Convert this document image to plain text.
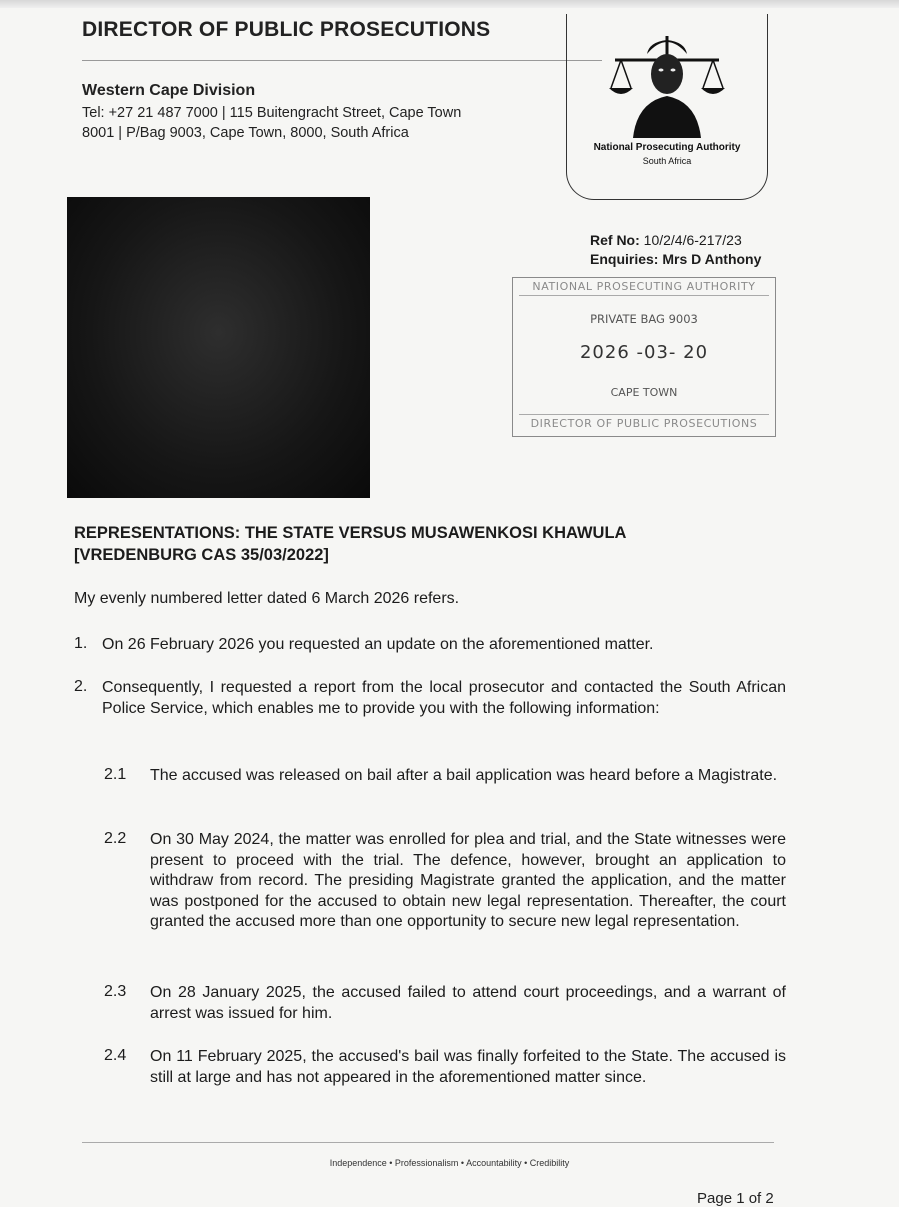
DIRECTOR OF PUBLIC PROSECUTIONS
Western Cape Division
Tel: +27 21 487 7000 | 115 Buitengracht Street, Cape Town
8001 | P/Bag 9003, Cape Town, 8000, South Africa
National Prosecuting Authority
South Africa
Ref No: 10/2/4/6-217/23
Enquiries: Mrs D Anthony
NATIONAL PROSECUTING AUTHORITY
PRIVATE BAG 9003
2026 -03- 20
CAPE TOWN
DIRECTOR OF PUBLIC PROSECUTIONS
REPRESENTATIONS: THE STATE VERSUS MUSAWENKOSI KHAWULA
[VREDENBURG CAS 35/03/2022]
My evenly numbered letter dated 6 March 2026 refers.
1. On 26 February 2026 you requested an update on the aforementioned matter.
2. Consequently, I requested a report from the local prosecutor and contacted the South African Police Service, which enables me to provide you with the following information:
2.1 The accused was released on bail after a bail application was heard before a Magistrate.
2.2 On 30 May 2024, the matter was enrolled for plea and trial, and the State witnesses were present to proceed with the trial. The defence, however, brought an application to withdraw from record. The presiding Magistrate granted the application, and the matter was postponed for the accused to obtain new legal representation. Thereafter, the court granted the accused more than one opportunity to secure new legal representation.
2.3 On 28 January 2025, the accused failed to attend court proceedings, and a warrant of arrest was issued for him.
2.4 On 11 February 2025, the accused's bail was finally forfeited to the State. The accused is still at large and has not appeared in the aforementioned matter since.
Independence • Professionalism • Accountability • Credibility
Page 1 of 2
